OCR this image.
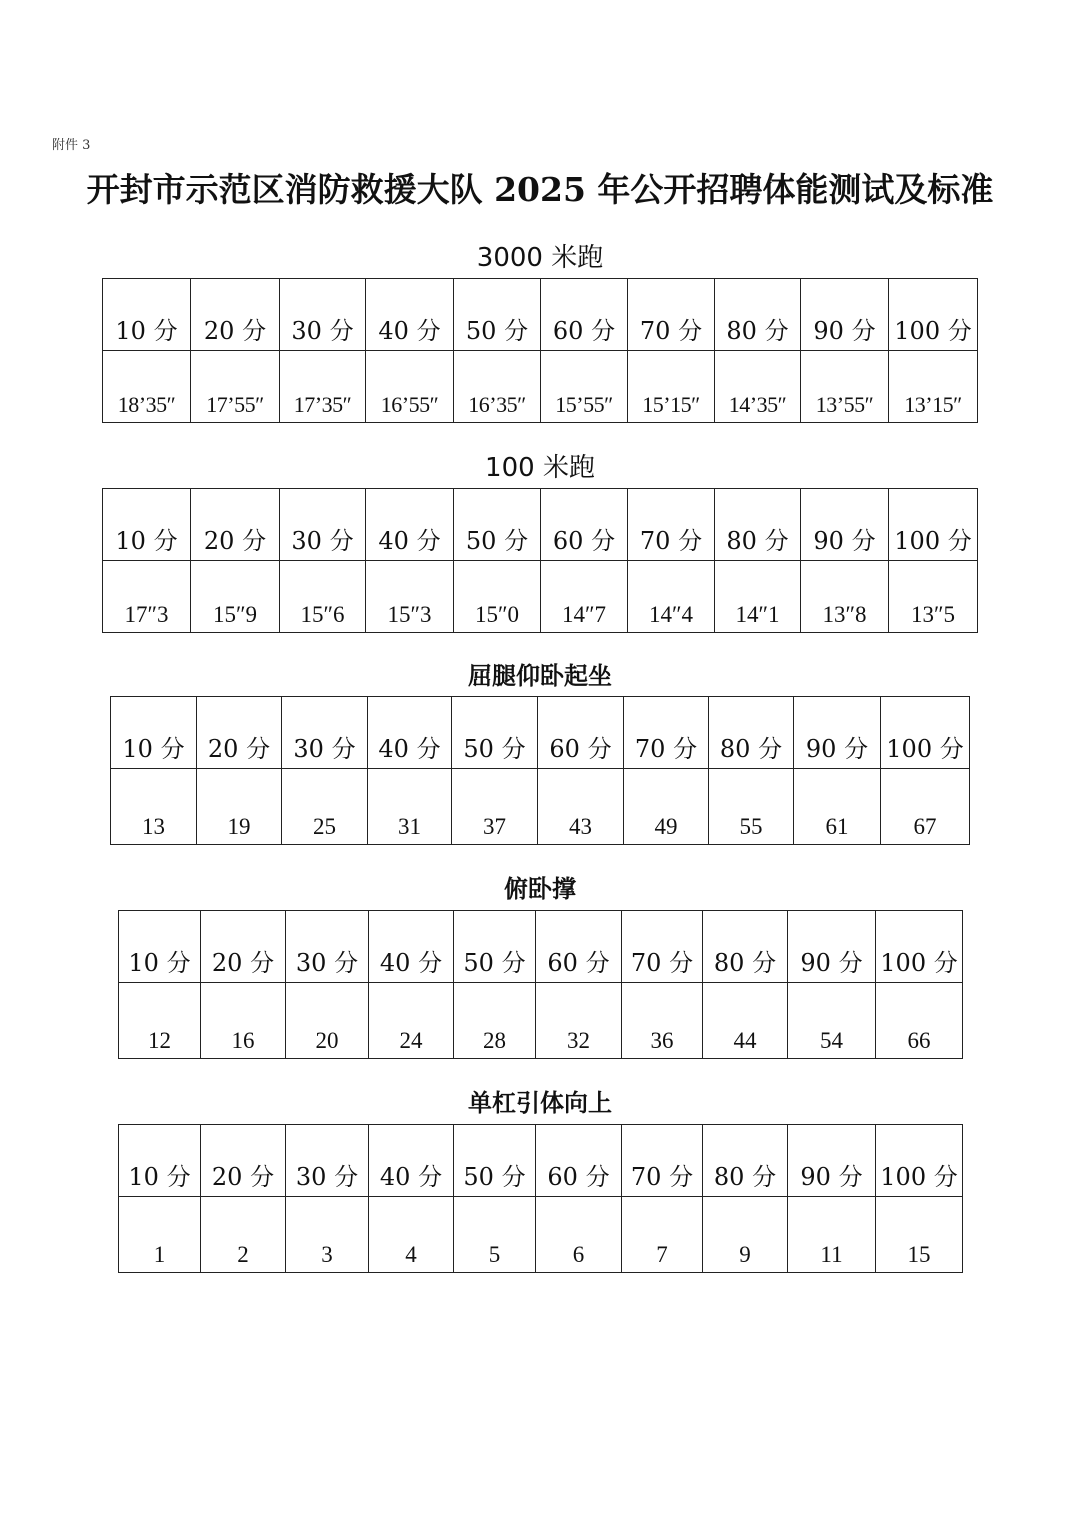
附件 3
开封市示范区消防救援大队 2025 年公开招聘体能测试及标准
3000 米跑
10 分	20 分	30 分	40 分	50 分	60 分	70 分	80 分	90 分	100 分
18’35″	17’55″	17’35″	16’55″	16’35″	15’55″	15’15″	14’35″	13’55″	13’15″
100 米跑
10 分	20 分	30 分	40 分	50 分	60 分	70 分	80 分	90 分	100 分
17″3	15″9	15″6	15″3	15″0	14″7	14″4	14″1	13″8	13″5
屈腿仰卧起坐
10 分	20 分	30 分	40 分	50 分	60 分	70 分	80 分	90 分	100 分
13	19	25	31	37	43	49	55	61	67
俯卧撑
10 分	20 分	30 分	40 分	50 分	60 分	70 分	80 分	90 分	100 分
12	16	20	24	28	32	36	44	54	66
单杠引体向上
10 分	20 分	30 分	40 分	50 分	60 分	70 分	80 分	90 分	100 分
1	2	3	4	5	6	7	9	11	15
